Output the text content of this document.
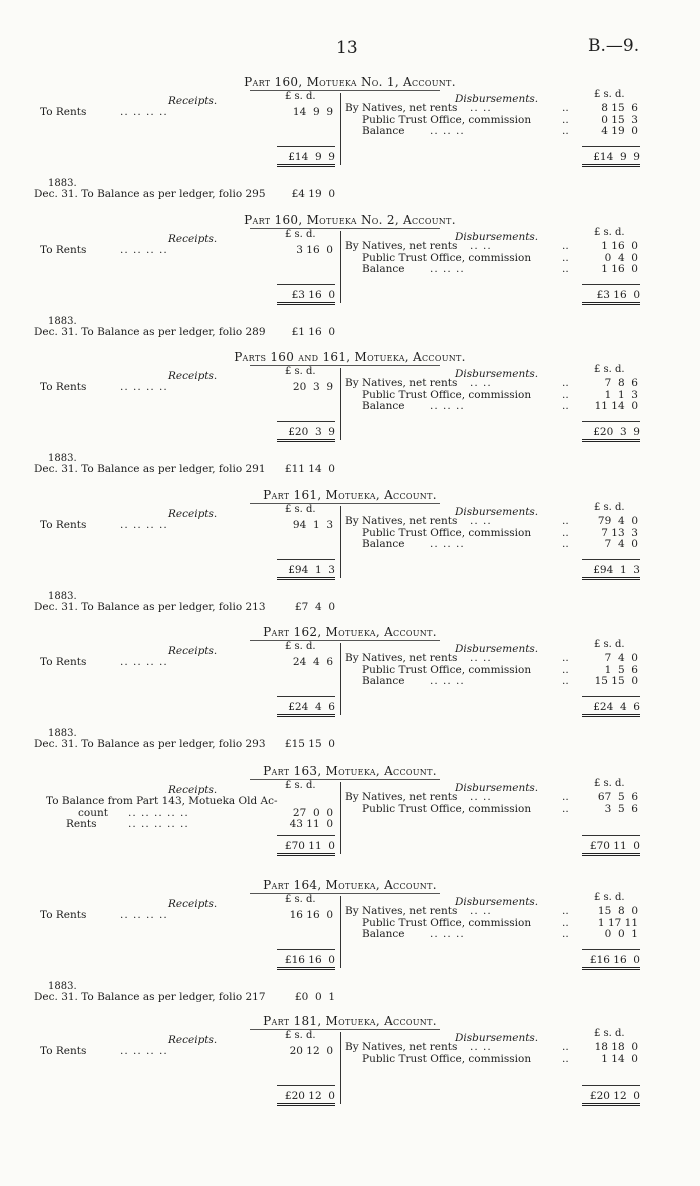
13	B.—9.
Part 160, Motueka No. 1, Account.
Receipts.	Disbursements.
£ s. d.	£ s. d.
To Rents	.. .. .. ..	14  9  9 By Natives, net rents .. ..	..	8 15  6
Public Trust Office, commission	..	0 15  3
Balance .. .. ..	..	4 19  0
£14  9  9	£14  9  9
1883.
Dec. 31. To Balance as per ledger, folio 295	£4 19  0
Part 160, Motueka No. 2, Account.
Receipts.	Disbursements.
£ s. d.	£ s. d.
To Rents	.. .. .. ..	3 16  0 By Natives, net rents .. ..	..	1 16  0
Public Trust Office, commission	..	0  4  0
Balance .. .. ..	..	1 16  0
£3 16  0	£3 16  0
1883.
Dec. 31. To Balance as per ledger, folio 289	£1 16  0
Parts 160 and 161, Motueka, Account.
Receipts.	Disbursements.
£ s. d.	£ s. d.
To Rents	.. .. .. ..	20  3  9 By Natives, net rents .. ..	..	7  8  6
Public Trust Office, commission	..	1  1  3
Balance .. .. ..	..	11 14  0
£20  3  9	£20  3  9
1883.
Dec. 31. To Balance as per ledger, folio 291	£11 14  0
Part 161, Motueka, Account.
Receipts.	Disbursements.
£ s. d.	£ s. d.
To Rents	.. .. .. ..	94  1  3 By Natives, net rents .. ..	..	79  4  0
Public Trust Office, commission	..	7 13  3
Balance .. .. ..	..	7  4  0
£94  1  3	£94  1  3
1883.
Dec. 31. To Balance as per ledger, folio 213	£7  4  0
Part 162, Motueka, Account.
Receipts.	Disbursements.
£ s. d.	£ s. d.
To Rents	.. .. .. ..	24  4  6 By Natives, net rents .. ..	..	7  4  0
Public Trust Office, commission	..	1  5  6
Balance .. .. ..	..	15 15  0
£24  4  6	£24  4  6
1883.
Dec. 31. To Balance as per ledger, folio 293	£15 15  0
Part 163, Motueka, Account.
Receipts.	Disbursements.
£ s. d.	£ s. d.
To Balance from Part 143, Motueka Old Ac-
count .. .. .. .. ..	27  0  0
Rents	.. .. .. .. ..	43 11  0
By Natives, net rents .. ..	..	67  5  6
Public Trust Office, commission	..	3  5  6
£70 11  0	£70 11  0
Part 164, Motueka, Account.
Receipts.	Disbursements.
£ s. d.	£ s. d.
To Rents	.. .. .. ..	16 16  0 By Natives, net rents .. ..	..	15  8  0
Public Trust Office, commission	..	1 17 11
Balance .. .. ..	..	0  0  1
£16 16  0	£16 16  0
1883.
Dec. 31. To Balance as per ledger, folio 217	£0  0  1
Part 181, Motueka, Account.
Receipts.	Disbursements.
£ s. d.	£ s. d.
To Rents	.. .. .. ..	20 12  0 By Natives, net rents .. ..	..	18 18  0
Public Trust Office, commission	..	1 14  0
£20 12  0	£20 12  0
